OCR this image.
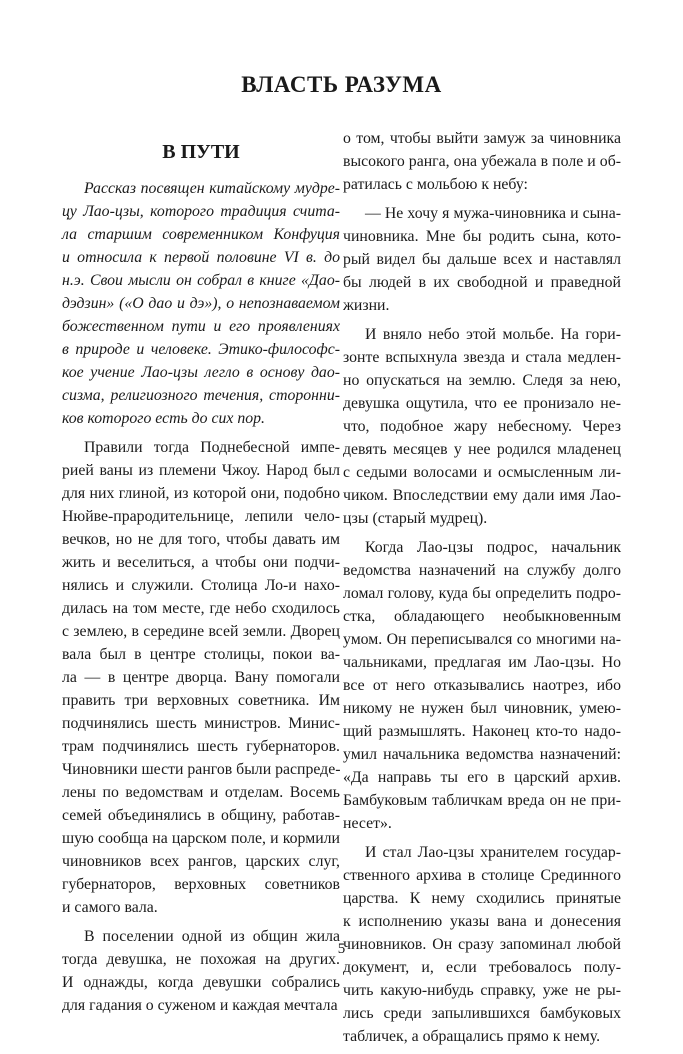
ВЛАСТЬ РАЗУМА
В ПУТИ
Рассказ посвящен китайскому мудре-
цу Лао-цзы, которого традиция счита-
ла старшим современником Конфуция
и относила к первой половине VI в. до
н.э. Свои мысли он собрал в книге «Дао-
дэдзин» («О дао и дэ»), о непознаваемом
божественном пути и его проявлениях
в природе и человеке. Этико-философс-
кое учение Лао-цзы легло в основу дао-
сизма, религиозного течения, сторонни-
ков которого есть до сих пор.
Правили тогда Поднебесной импе-
рией ваны из племени Чжоу. Народ был
для них глиной, из которой они, подобно
Нюйве-прародительнице, лепили чело-
вечков, но не для того, чтобы давать им
жить и веселиться, а чтобы они подчи-
нялись и служили. Столица Ло-и нахо-
дилась на том месте, где небо сходилось
с землею, в середине всей земли. Дворец
вала был в центре столицы, покои ва-
ла — в центре дворца. Вану помогали
править три верховных советника. Им
подчинялись шесть министров. Минис-
трам подчинялись шесть губернаторов.
Чиновники шести рангов были распреде-
лены по ведомствам и отделам. Восемь
семей объединялись в общину, работав-
шую сообща на царском поле, и кормили
чиновников всех рангов, царских слуг,
губернаторов, верховных советников
и самого вала.
В поселении одной из общин жила
тогда девушка, не похожая на других.
И однажды, когда девушки собрались
для гадания о суженом и каждая мечтала
о том, чтобы выйти замуж за чиновника
высокого ранга, она убежала в поле и об-
ратилась с мольбою к небу:
— Не хочу я мужа-чиновника и сына-
чиновника. Мне бы родить сына, кото-
рый видел бы дальше всех и наставлял
бы людей в их свободной и праведной
жизни.
И вняло небо этой мольбе. На гори-
зонте вспыхнула звезда и стала медлен-
но опускаться на землю. Следя за нею,
девушка ощутила, что ее пронизало не-
что, подобное жару небесному. Через
девять месяцев у нее родился младенец
с седыми волосами и осмысленным ли-
чиком. Впоследствии ему дали имя Лао-
цзы (старый мудрец).
Когда Лао-цзы подрос, начальник
ведомства назначений на службу долго
ломал голову, куда бы определить подро-
стка, обладающего необыкновенным
умом. Он переписывался со многими на-
чальниками, предлагая им Лао-цзы. Но
все от него отказывались наотрез, ибо
никому не нужен был чиновник, умею-
щий размышлять. Наконец кто-то надо-
умил начальника ведомства назначений:
«Да направь ты его в царский архив.
Бамбуковым табличкам вреда он не при-
несет».
И стал Лао-цзы хранителем государ-
ственного архива в столице Срединного
царства. К нему сходились принятые
к исполнению указы вана и донесения
чиновников. Он сразу запоминал любой
документ, и, если требовалось полу-
чить какую-нибудь справку, уже не ры-
лись среди запылившихся бамбуковых
табличек, а обращались прямо к нему.
5
